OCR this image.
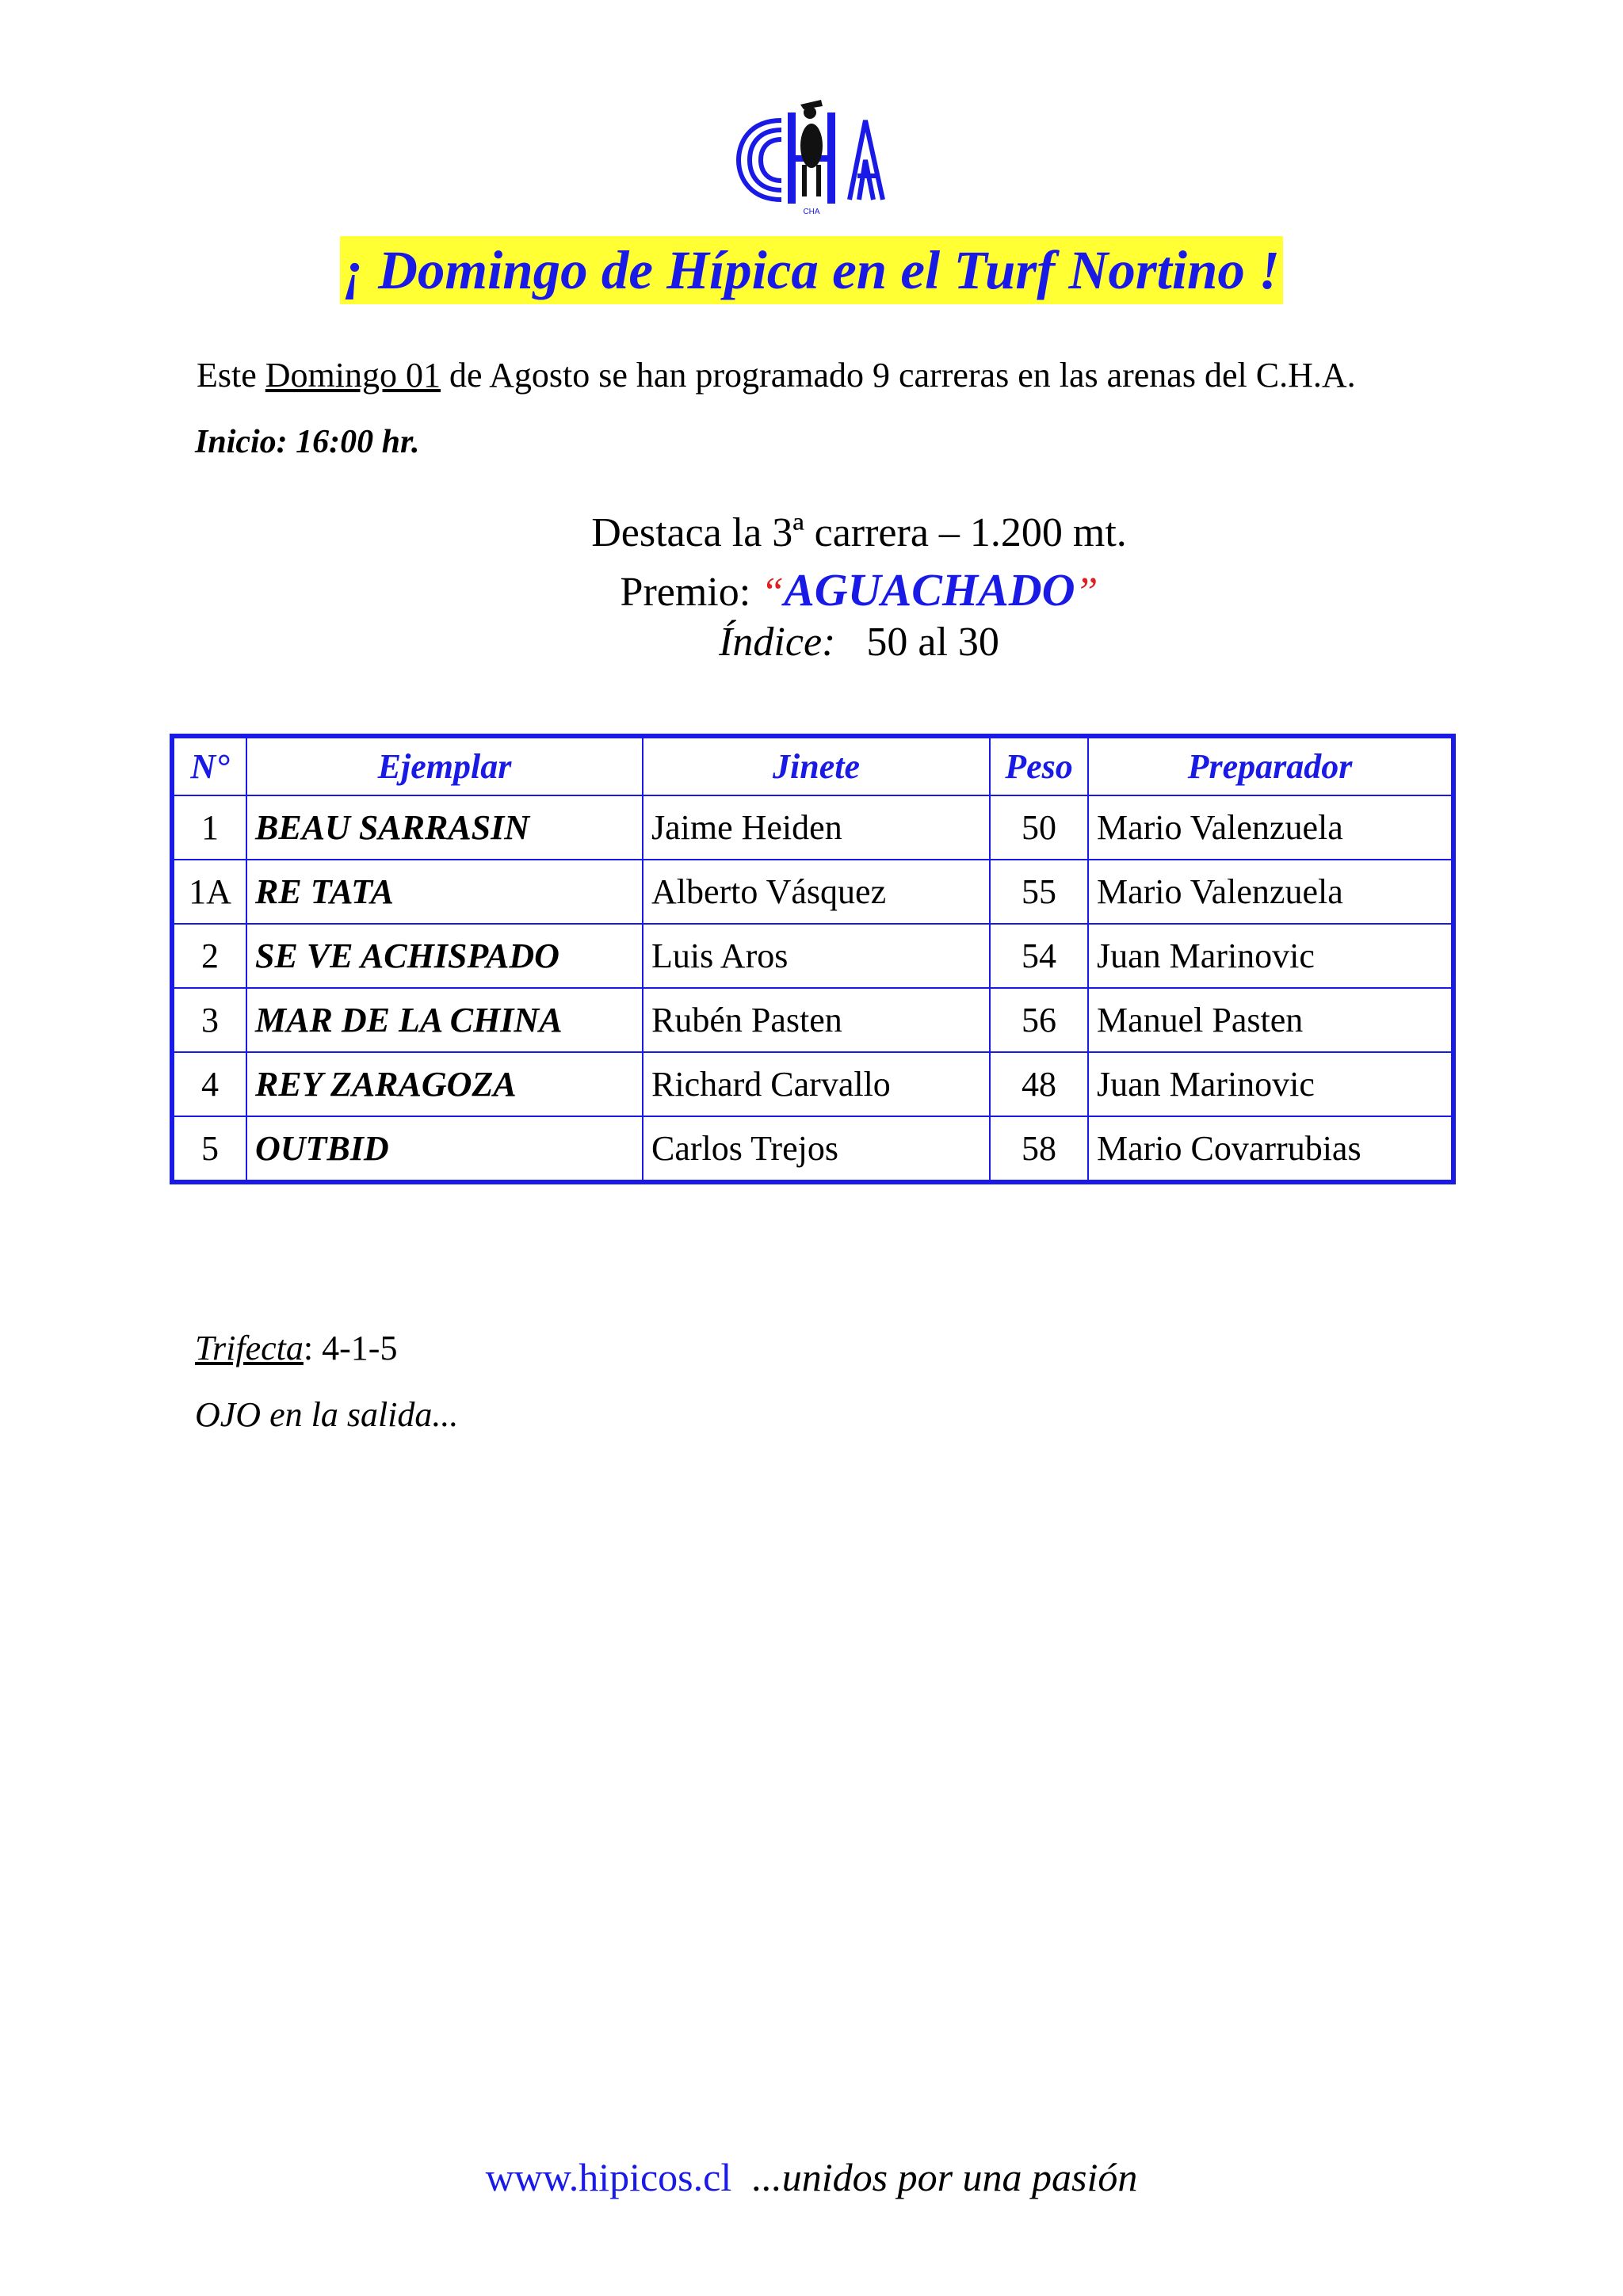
CHA
¡ Domingo de Hípica en el Turf Nortino !
Este Domingo 01 de Agosto se han programado 9 carreras en las arenas del C.H.A.
Inicio: 16:00 hr.
Destaca la 3ª carrera – 1.200 mt.
Premio: “AGUACHADO”
Índice: 50 al 30
N°	Ejemplar	Jinete	Peso	Preparador
1	BEAU SARRASIN	Jaime Heiden	50	Mario Valenzuela
1A	RE TATA	Alberto Vásquez	55	Mario Valenzuela
2	SE VE ACHISPADO	Luis Aros	54	Juan Marinovic
3	MAR DE LA CHINA	Rubén Pasten	56	Manuel Pasten
4	REY ZARAGOZA	Richard Carvallo	48	Juan Marinovic
5	OUTBID	Carlos Trejos	58	Mario Covarrubias
Trifecta: 4-1-5
OJO en la salida...
www.hipicos.cl ...unidos por una pasión
